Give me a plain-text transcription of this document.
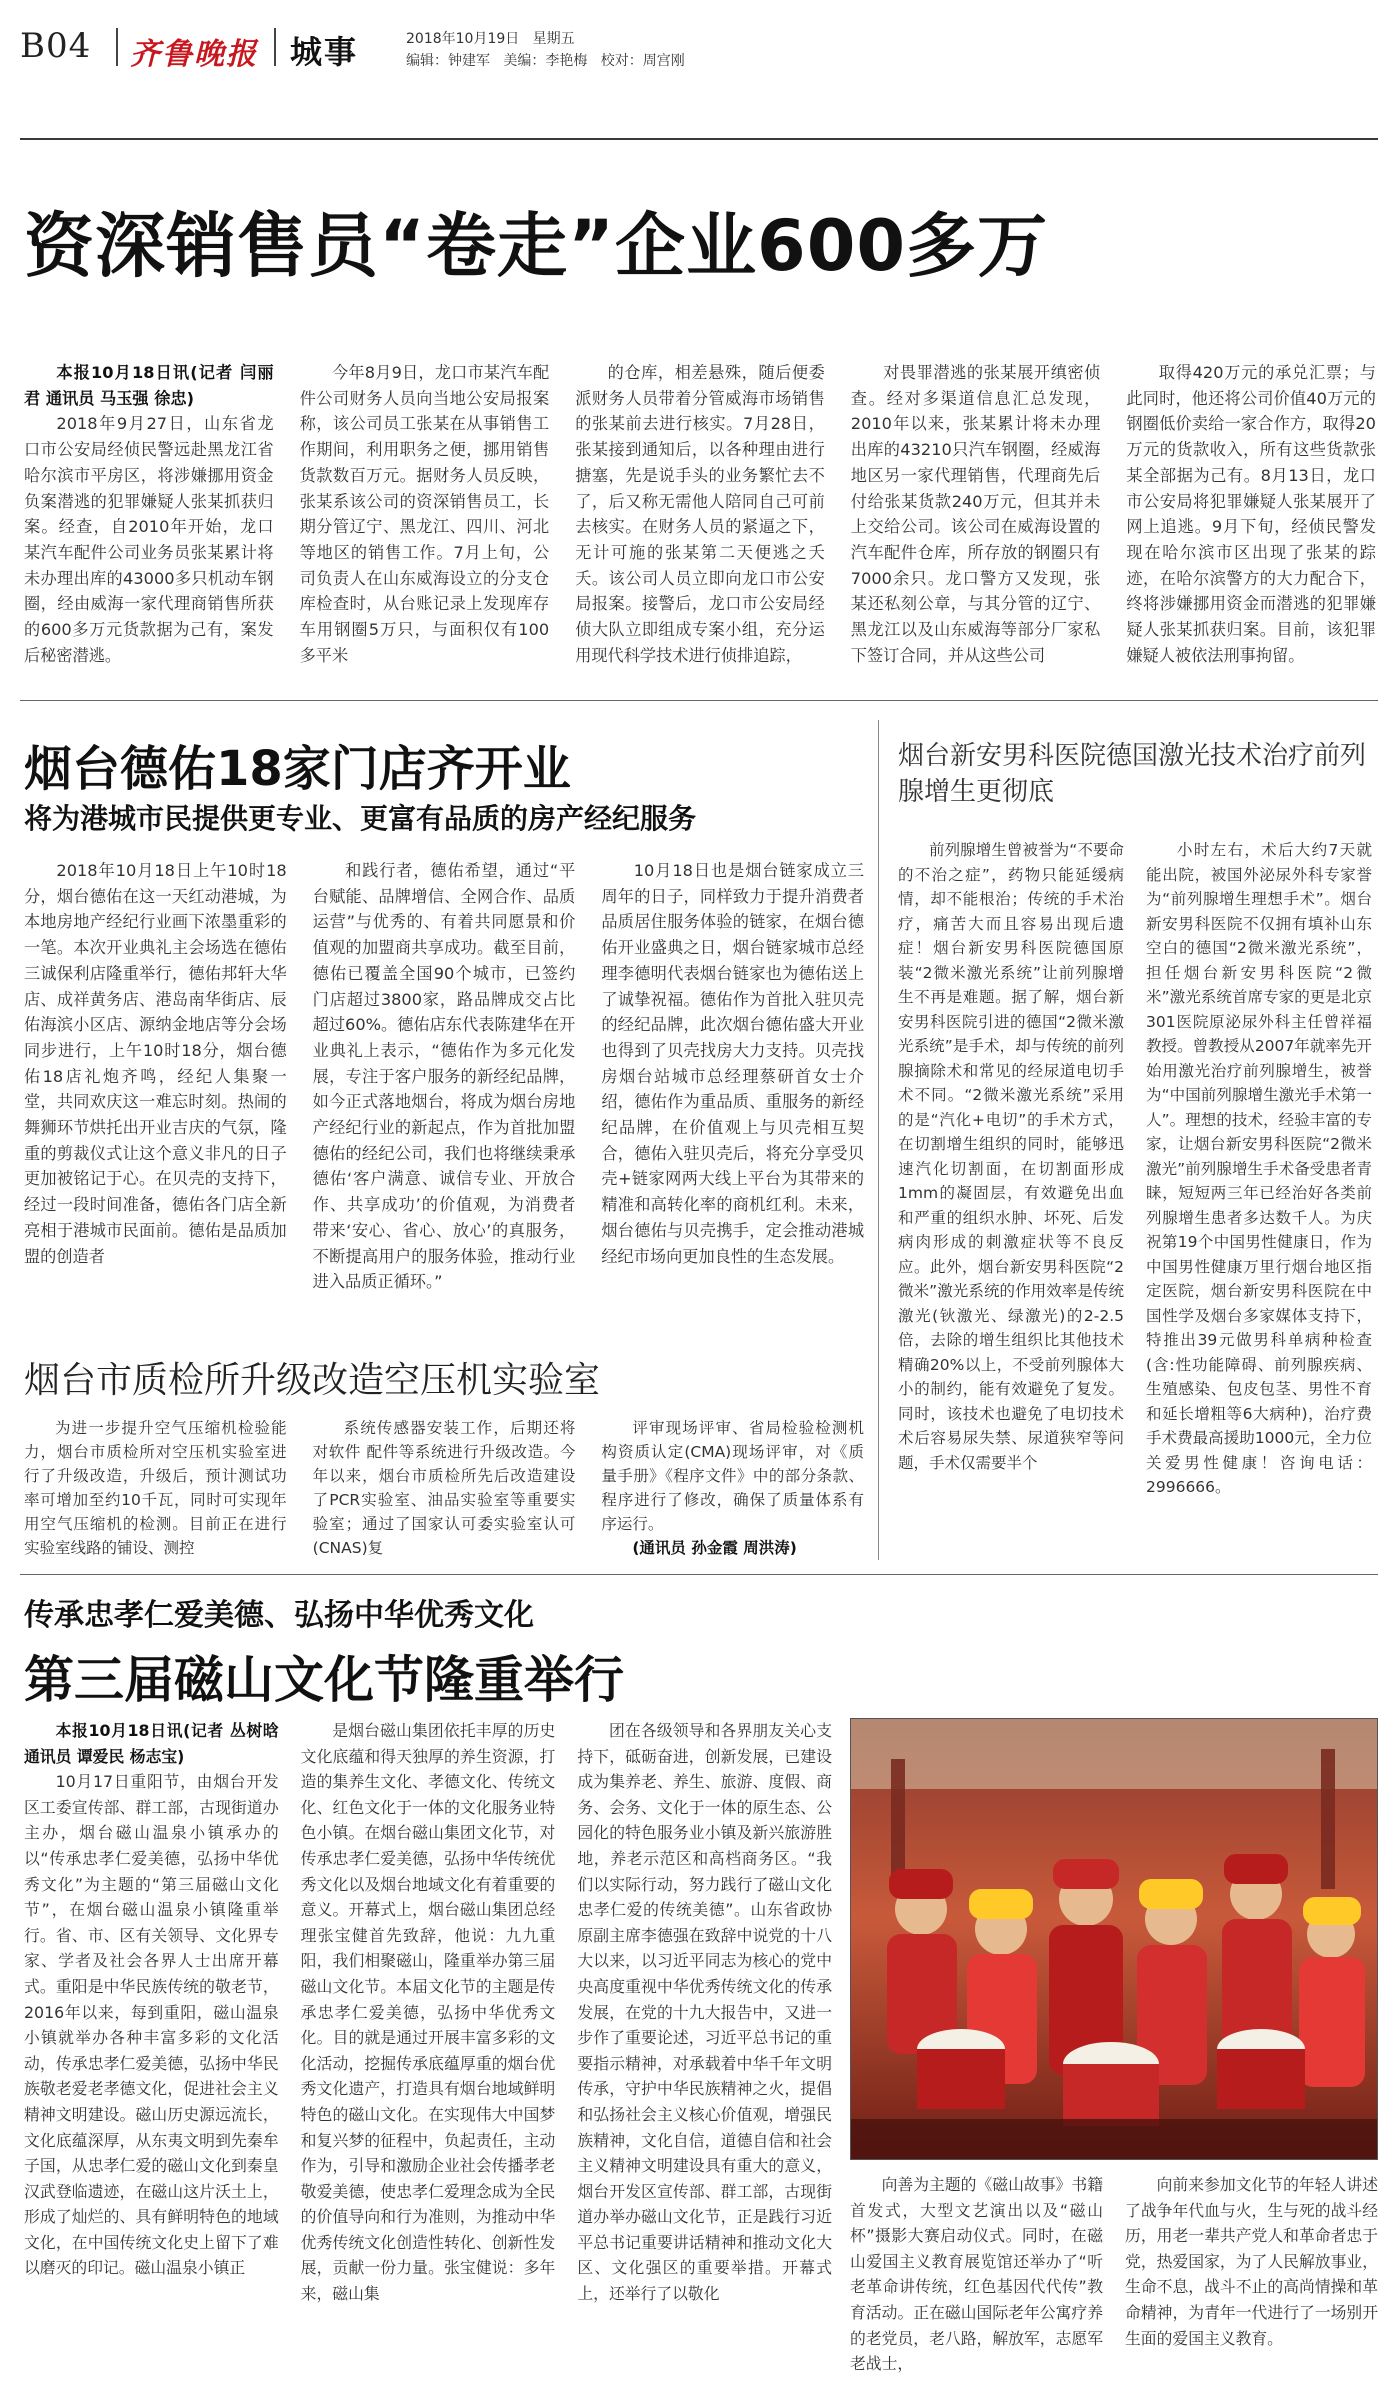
B04 齐鲁晚报 城事	2018年10月19日 星期五
编辑：钟建军 美编：李艳梅 校对：周宫刚
资深销售员“卷走”企业600多万

本报10月18日讯(记者 闫丽君 通讯员 马玉强 徐忠)

2018年9月27日，山东省龙口市公安局经侦民警远赴黑龙江省哈尔滨市平房区，将涉嫌挪用资金负案潜逃的犯罪嫌疑人张某抓获归案。经查，自2010年开始，龙口某汽车配件公司业务员张某累计将未办理出库的43000多只机动车钢圈，经由威海一家代理商销售所获的600多万元货款据为己有，案发后秘密潜逃。

今年8月9日，龙口市某汽车配件公司财务人员向当地公安局报案称，该公司员工张某在从事销售工作期间，利用职务之便，挪用销售货款数百万元。据财务人员反映，张某系该公司的资深销售员工，长期分管辽宁、黑龙江、四川、河北等地区的销售工作。7月上旬，公司负责人在山东威海设立的分支仓库检查时，从台账记录上发现库存车用钢圈5万只，与面积仅有100多平米

的仓库，相差悬殊，随后便委派财务人员带着分管威海市场销售的张某前去进行核实。7月28日，张某接到通知后，以各种理由进行搪塞，先是说手头的业务繁忙去不了，后又称无需他人陪同自己可前去核实。在财务人员的紧逼之下，无计可施的张某第二天便逃之夭夭。该公司人员立即向龙口市公安局报案。接警后，龙口市公安局经侦大队立即组成专案小组，充分运用现代科学技术进行侦排追踪，

对畏罪潜逃的张某展开缜密侦查。经对多渠道信息汇总发现，2010年以来，张某累计将未办理出库的43210只汽车钢圈，经威海地区另一家代理销售，代理商先后付给张某货款240万元，但其并未上交给公司。该公司在威海设置的汽车配件仓库，所存放的钢圈只有7000余只。龙口警方又发现，张某还私刻公章，与其分管的辽宁、黑龙江以及山东威海等部分厂家私下签订合同，并从这些公司

取得420万元的承兑汇票；与此同时，他还将公司价值40万元的钢圈低价卖给一家合作方，取得20万元的货款收入，所有这些货款张某全部据为己有。8月13日，龙口市公安局将犯罪嫌疑人张某展开了网上追逃。9月下旬，经侦民警发现在哈尔滨市区出现了张某的踪迹，在哈尔滨警方的大力配合下，终将涉嫌挪用资金而潜逃的犯罪嫌疑人张某抓获归案。目前，该犯罪嫌疑人被依法刑事拘留。

烟台德佑18家门店齐开业
将为港城市民提供更专业、更富有品质的房产经纪服务

2018年10月18日上午10时18分，烟台德佑在这一天红动港城，为本地房地产经纪行业画下浓墨重彩的一笔。本次开业典礼主会场选在德佑三诚保利店隆重举行，德佑邦轩大华店、成祥黄务店、港岛南华街店、辰佑海滨小区店、源纳金地店等分会场同步进行，上午10时18分，烟台德佑18店礼炮齐鸣，经纪人集聚一堂，共同欢庆这一难忘时刻。热闹的舞狮环节烘托出开业吉庆的气氛，隆重的剪裁仪式让这个意义非凡的日子更加被铭记于心。在贝壳的支持下，经过一段时间准备，德佑各门店全新亮相于港城市民面前。德佑是品质加盟的创造者

和践行者，德佑希望，通过“平台赋能、品牌增信、全网合作、品质运营”与优秀的、有着共同愿景和价值观的加盟商共享成功。截至目前，德佑已覆盖全国90个城市，已签约门店超过3800家，路品牌成交占比超过60%。德佑店东代表陈建华在开业典礼上表示，“德佑作为多元化发展，专注于客户服务的新经纪品牌，如今正式落地烟台，将成为烟台房地产经纪行业的新起点，作为首批加盟德佑的经纪公司，我们也将继续秉承德佑‘客户满意、诚信专业、开放合作、共享成功’的价值观，为消费者带来‘安心、省心、放心’的真服务，不断提高用户的服务体验，推动行业进入品质正循环。”

10月18日也是烟台链家成立三周年的日子，同样致力于提升消费者品质居住服务体验的链家，在烟台德佑开业盛典之日，烟台链家城市总经理李德明代表烟台链家也为德佑送上了诚挚祝福。德佑作为首批入驻贝壳的经纪品牌，此次烟台德佑盛大开业也得到了贝壳找房大力支持。贝壳找房烟台站城市总经理蔡研首女士介绍，德佑作为重品质、重服务的新经纪品牌，在价值观上与贝壳相互契合，德佑入驻贝壳后，将充分享受贝壳+链家网两大线上平台为其带来的精准和高转化率的商机红利。未来，烟台德佑与贝壳携手，定会推动港城经纪市场向更加良性的生态发展。

烟台市质检所升级改造空压机实验室

为进一步提升空气压缩机检验能力，烟台市质检所对空压机实验室进行了升级改造，升级后，预计测试功率可增加至约10千瓦，同时可实现年用空气压缩机的检测。目前正在进行实验室线路的铺设、测控

系统传感器安装工作，后期还将对软件 配件等系统进行升级改造。今年以来，烟台市质检所先后改造建设了PCR实验室、油品实验室等重要实验室；通过了国家认可委实验室认可(CNAS)复

评审现场评审、省局检验检测机构资质认定(CMA)现场评审，对《质量手册》《程序文件》中的部分条款、程序进行了修改，确保了质量体系有序运行。

(通讯员 孙金霞 周洪涛)

烟台新安男科医院德国激光技术治疗前列腺增生更彻底

前列腺增生曾被誉为“不要命的不治之症”，药物只能延缓病情，却不能根治；传统的手术治疗，痛苦大而且容易出现后遗症！烟台新安男科医院德国原装“2微米激光系统”让前列腺增生不再是难题。据了解，烟台新安男科医院引进的德国“2微米激光系统”是手术，却与传统的前列腺摘除术和常见的经尿道电切手术不同。“2微米激光系统”采用的是“汽化+电切”的手术方式，在切割增生组织的同时，能够迅速汽化切割面，在切割面形成1mm的凝固层，有效避免出血和严重的组织水肿、坏死、后发病肉形成的刺激症状等不良反应。此外，烟台新安男科医院“2微米”激光系统的作用效率是传统激光(钬激光、绿激光)的2-2.5倍，去除的增生组织比其他技术精确20%以上，不受前列腺体大小的制约，能有效避免了复发。同时，该技术也避免了电切技术术后容易尿失禁、尿道狭窄等问题，手术仅需要半个

小时左右，术后大约7天就能出院，被国外泌尿外科专家誉为“前列腺增生理想手术”。烟台新安男科医院不仅拥有填补山东空白的德国“2微米激光系统”，担任烟台新安男科医院“2微米”激光系统首席专家的更是北京301医院原泌尿外科主任曾祥福教授。曾教授从2007年就率先开始用激光治疗前列腺增生，被誉为“中国前列腺增生激光手术第一人”。理想的技术，经验丰富的专家，让烟台新安男科医院“2微米激光”前列腺增生手术备受患者青睐，短短两三年已经治好各类前列腺增生患者多达数千人。为庆祝第19个中国男性健康日，作为中国男性健康万里行烟台地区指定医院，烟台新安男科医院在中国性学及烟台多家媒体支持下，特推出39元做男科单病种检查(含:性功能障碍、前列腺疾病、生殖感染、包皮包茎、男性不育和延长增粗等6大病种)，治疗费手术费最高援助1000元，全力位关爱男性健康！咨询电话：2996666。

传承忠孝仁爱美德、弘扬中华优秀文化
第三届磁山文化节隆重举行

本报10月18日讯(记者 丛树晗 通讯员 谭爱民 杨志宝)

10月17日重阳节，由烟台开发区工委宣传部、群工部，古现街道办主办，烟台磁山温泉小镇承办的以“传承忠孝仁爱美德，弘扬中华优秀文化”为主题的“第三届磁山文化节”，在烟台磁山温泉小镇隆重举行。省、市、区有关领导、文化界专家、学者及社会各界人士出席开幕式。重阳是中华民族传统的敬老节，2016年以来，每到重阳，磁山温泉小镇就举办各种丰富多彩的文化活动，传承忠孝仁爱美德，弘扬中华民族敬老爱老孝德文化，促进社会主义精神文明建设。磁山历史源远流长，文化底蕴深厚，从东夷文明到先秦牟子国，从忠孝仁爱的磁山文化到秦皇汉武登临遗迹，在磁山这片沃土上，形成了灿烂的、具有鲜明特色的地域文化，在中国传统文化史上留下了难以磨灭的印记。磁山温泉小镇正

是烟台磁山集团依托丰厚的历史文化底蕴和得天独厚的养生资源，打造的集养生文化、孝德文化、传统文化、红色文化于一体的文化服务业特色小镇。在烟台磁山集团文化节，对传承忠孝仁爱美德，弘扬中华传统优秀文化以及烟台地域文化有着重要的意义。开幕式上，烟台磁山集团总经理张宝健首先致辞，他说：九九重阳，我们相聚磁山，隆重举办第三届磁山文化节。本届文化节的主题是传承忠孝仁爱美德，弘扬中华优秀文化。目的就是通过开展丰富多彩的文化活动，挖掘传承底蕴厚重的烟台优秀文化遗产，打造具有烟台地域鲜明特色的磁山文化。在实现伟大中国梦和复兴梦的征程中，负起责任，主动作为，引导和激励企业社会传播孝老敬爱美德，使忠孝仁爱理念成为全民的价值导向和行为准则，为推动中华优秀传统文化创造性转化、创新性发展，贡献一份力量。张宝健说：多年来，磁山集

团在各级领导和各界朋友关心支持下，砥砺奋进，创新发展，已建设成为集养老、养生、旅游、度假、商务、会务、文化于一体的原生态、公园化的特色服务业小镇及新兴旅游胜地，养老示范区和高档商务区。“我们以实际行动，努力践行了磁山文化忠孝仁爱的传统美德”。山东省政协原副主席李德强在致辞中说党的十八大以来，以习近平同志为核心的党中央高度重视中华优秀传统文化的传承发展，在党的十九大报告中，又进一步作了重要论述，习近平总书记的重要指示精神，对承载着中华千年文明传承，守护中华民族精神之火，提倡和弘扬社会主义核心价值观，增强民族精神，文化自信，道德自信和社会主义精神文明建设具有重大的意义，烟台开发区宣传部、群工部，古现街道办举办磁山文化节，正是践行习近平总书记重要讲话精神和推动文化大区、文化强区的重要举措。开幕式上，还举行了以敬化

向善为主题的《磁山故事》书籍首发式，大型文艺演出以及“磁山杯”摄影大赛启动仪式。同时，在磁山爱国主义教育展览馆还举办了“听老革命讲传统，红色基因代代传”教育活动。正在磁山国际老年公寓疗养的老党员，老八路，解放军，志愿军老战士，

向前来参加文化节的年轻人讲述了战争年代血与火，生与死的战斗经历，用老一辈共产党人和革命者忠于党，热爱国家，为了人民解放事业，生命不息，战斗不止的高尚情操和革命精神，为青年一代进行了一场别开生面的爱国主义教育。
